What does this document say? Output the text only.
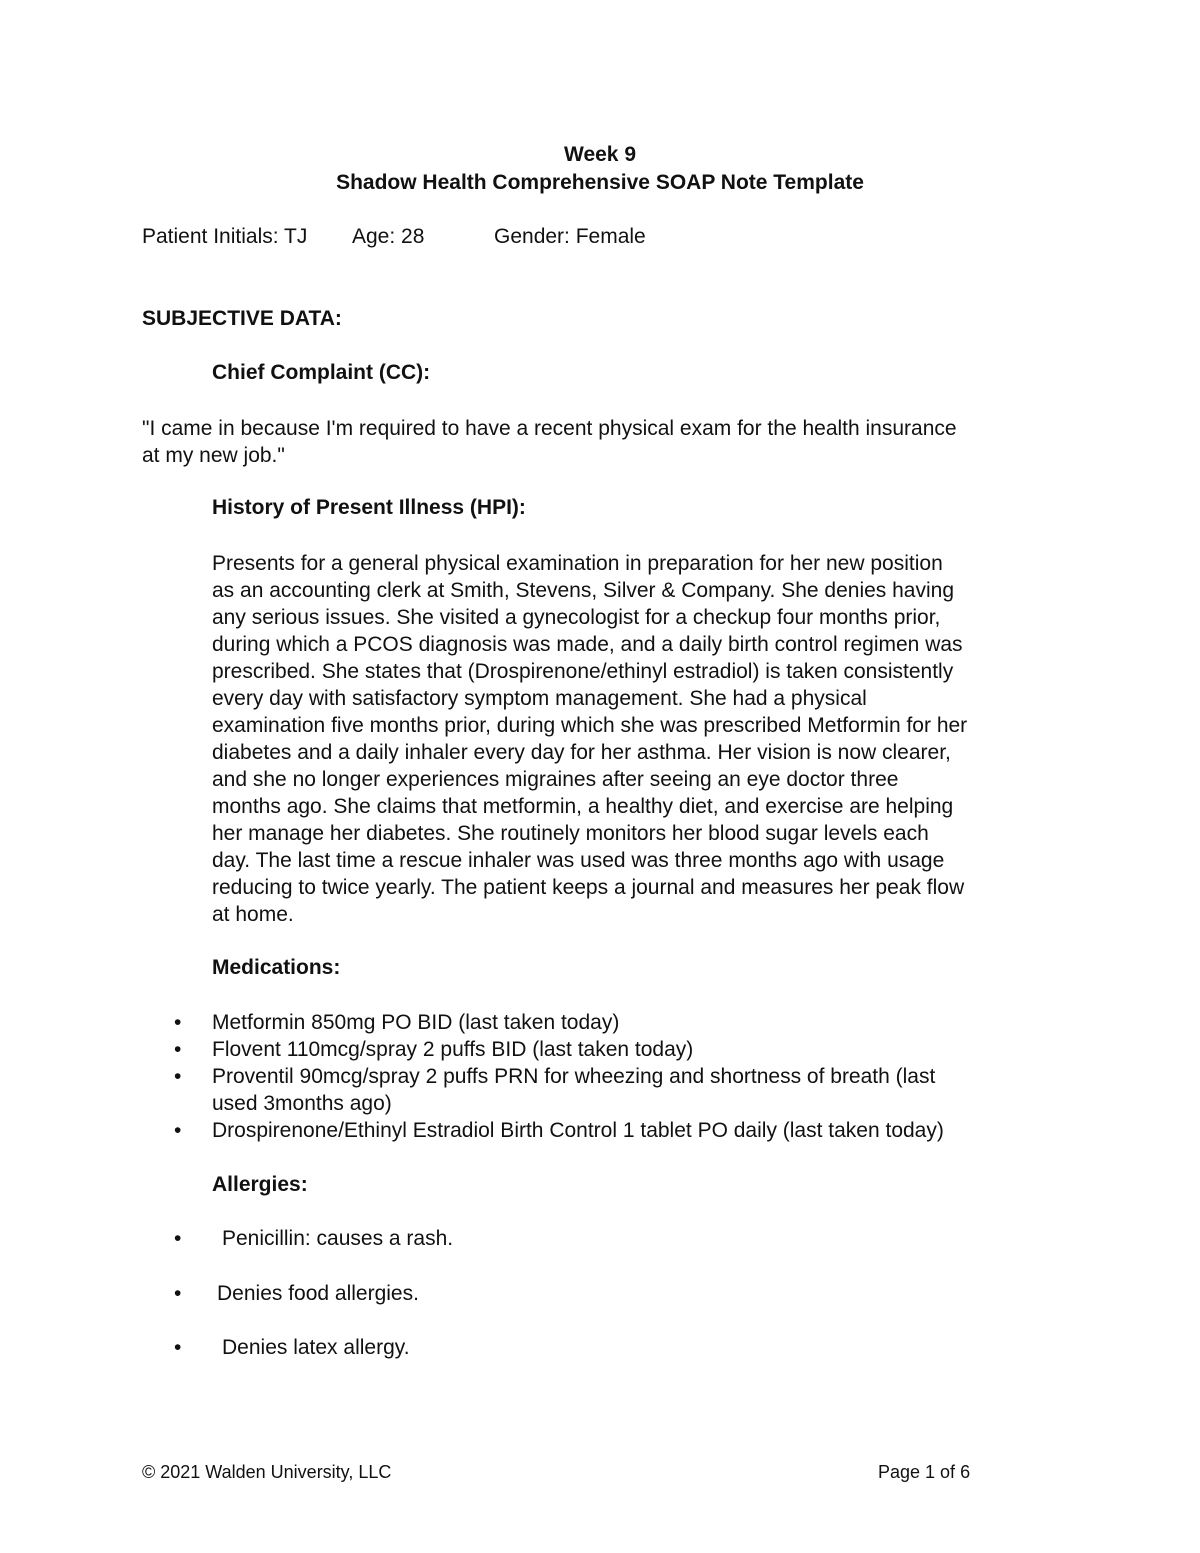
Week 9
Shadow Health Comprehensive SOAP Note Template
Patient Initials: TJ Age: 28	Gender: Female
SUBJECTIVE DATA:
Chief Complaint (CC):
"I came in because I'm required to have a recent physical exam for the health insurance
at my new job."
History of Present Illness (HPI):
Presents for a general physical examination in preparation for her new position
as an accounting clerk at Smith, Stevens, Silver & Company. She denies having
any serious issues. She visited a gynecologist for a checkup four months prior,
during which a PCOS diagnosis was made, and a daily birth control regimen was
prescribed. She states that (Drospirenone/ethinyl estradiol) is taken consistently
every day with satisfactory symptom management. She had a physical
examination five months prior, during which she was prescribed Metformin for her
diabetes and a daily inhaler every day for her asthma. Her vision is now clearer,
and she no longer experiences migraines after seeing an eye doctor three
months ago. She claims that metformin, a healthy diet, and exercise are helping
her manage her diabetes. She routinely monitors her blood sugar levels each
day. The last time a rescue inhaler was used was three months ago with usage
reducing to twice yearly. The patient keeps a journal and measures her peak flow
at home.
Medications:
• Metformin 850mg PO BID (last taken today)
• Flovent 110mcg/spray 2 puffs BID (last taken today)
• Proventil 90mcg/spray 2 puffs PRN for wheezing and shortness of breath (last
used 3months ago)
• Drospirenone/Ethinyl Estradiol Birth Control 1 tablet PO daily (last taken today)
Allergies:
• Penicillin: causes a rash.
• Denies food allergies.
• Denies latex allergy.
© 2021 Walden University, LLC	Page 1 of 6
